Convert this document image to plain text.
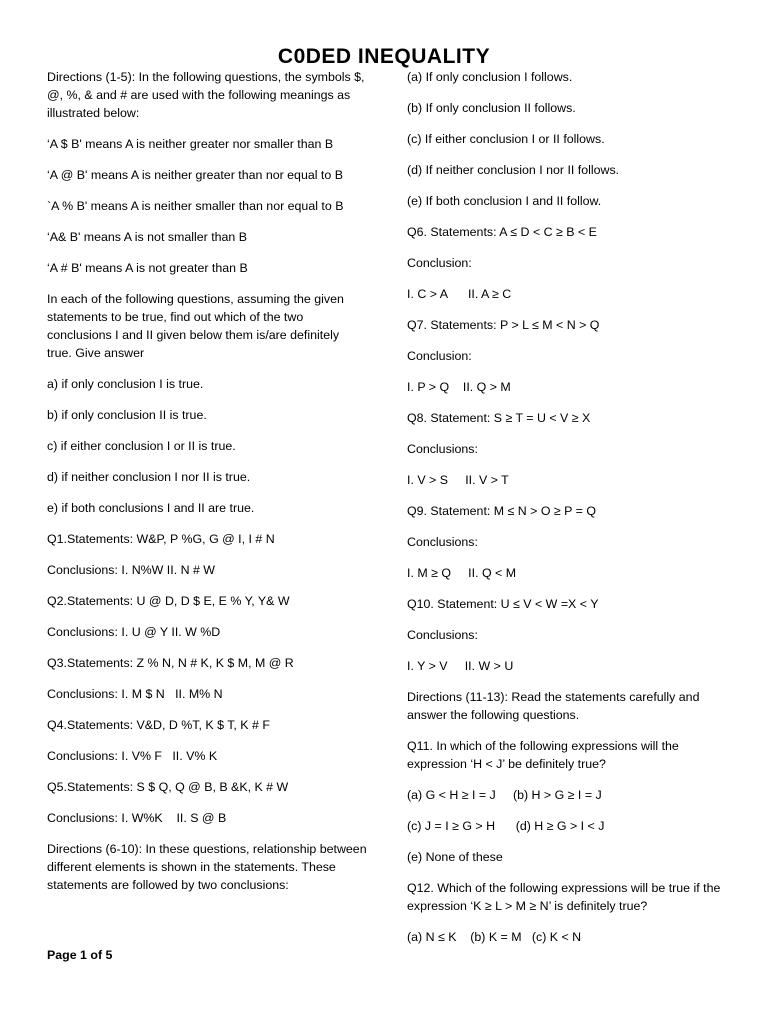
C0DED INEQUALITY

Directions (1-5): In the following questions, the symbols $, @, %, & and # are used with the following meanings as illustrated below:

‘A $ B' means A is neither greater nor smaller than B

‘A @ B' means A is neither greater than nor equal to B

`A % B' means A is neither smaller than nor equal to B

‘A& B' means A is not smaller than B

‘A # B' means A is not greater than B

In each of the following questions, assuming the given statements to be true, find out which of the two conclusions I and II given below them is/are definitely true. Give answer

a) if only conclusion I is true.

b) if only conclusion II is true.

c) if either conclusion I or II is true.

d) if neither conclusion I nor II is true.

e) if both conclusions I and II are true.

Q1.Statements: W&P, P %G, G @ I, I # N

Conclusions: I. N%W II. N # W

Q2.Statements: U @ D, D $ E, E % Y, Y& W

Conclusions: I. U @ Y II. W %D

Q3.Statements: Z % N, N # K, K $ M, M @ R

Conclusions: I. M $ N   II. M% N

Q4.Statements: V&D, D %T, K $ T, K # F

Conclusions: I. V% F   II. V% K

Q5.Statements: S $ Q, Q @ B, B &K, K # W

Conclusions: I. W%K    II. S @ B

Directions (6-10): In these questions, relationship between different elements is shown in the statements. These statements are followed by two conclusions:

(a) If only conclusion I follows.

(b) If only conclusion II follows.

(c) If either conclusion I or II follows.

(d) If neither conclusion I nor II follows.

(e) If both conclusion I and II follow.

Q6. Statements: A ≤ D < C ≥ B < E

Conclusion:

I. C > A      II. A ≥ C

Q7. Statements: P > L ≤ M < N > Q

Conclusion:

I. P > Q    II. Q > M

Q8. Statement: S ≥ T = U < V ≥ X

Conclusions:

I. V > S     II. V > T

Q9. Statement: M ≤ N > O ≥ P = Q

Conclusions:

I. M ≥ Q     II. Q < M

Q10. Statement: U ≤ V < W =X < Y

Conclusions:

I. Y > V     II. W > U

Directions (11-13): Read the statements carefully and answer the following questions.

Q11. In which of the following expressions will the expression ‘H < J’ be definitely true?

(a) G < H ≥ I = J     (b) H > G ≥ I = J

(c) J = I ≥ G > H      (d) H ≥ G > I < J

(e) None of these

Q12. Which of the following expressions will be true if the expression ‘K ≥ L > M ≥ N’ is definitely true?

(a) N ≤ K    (b) K = M   (c) K < N

Page 1 of 5
